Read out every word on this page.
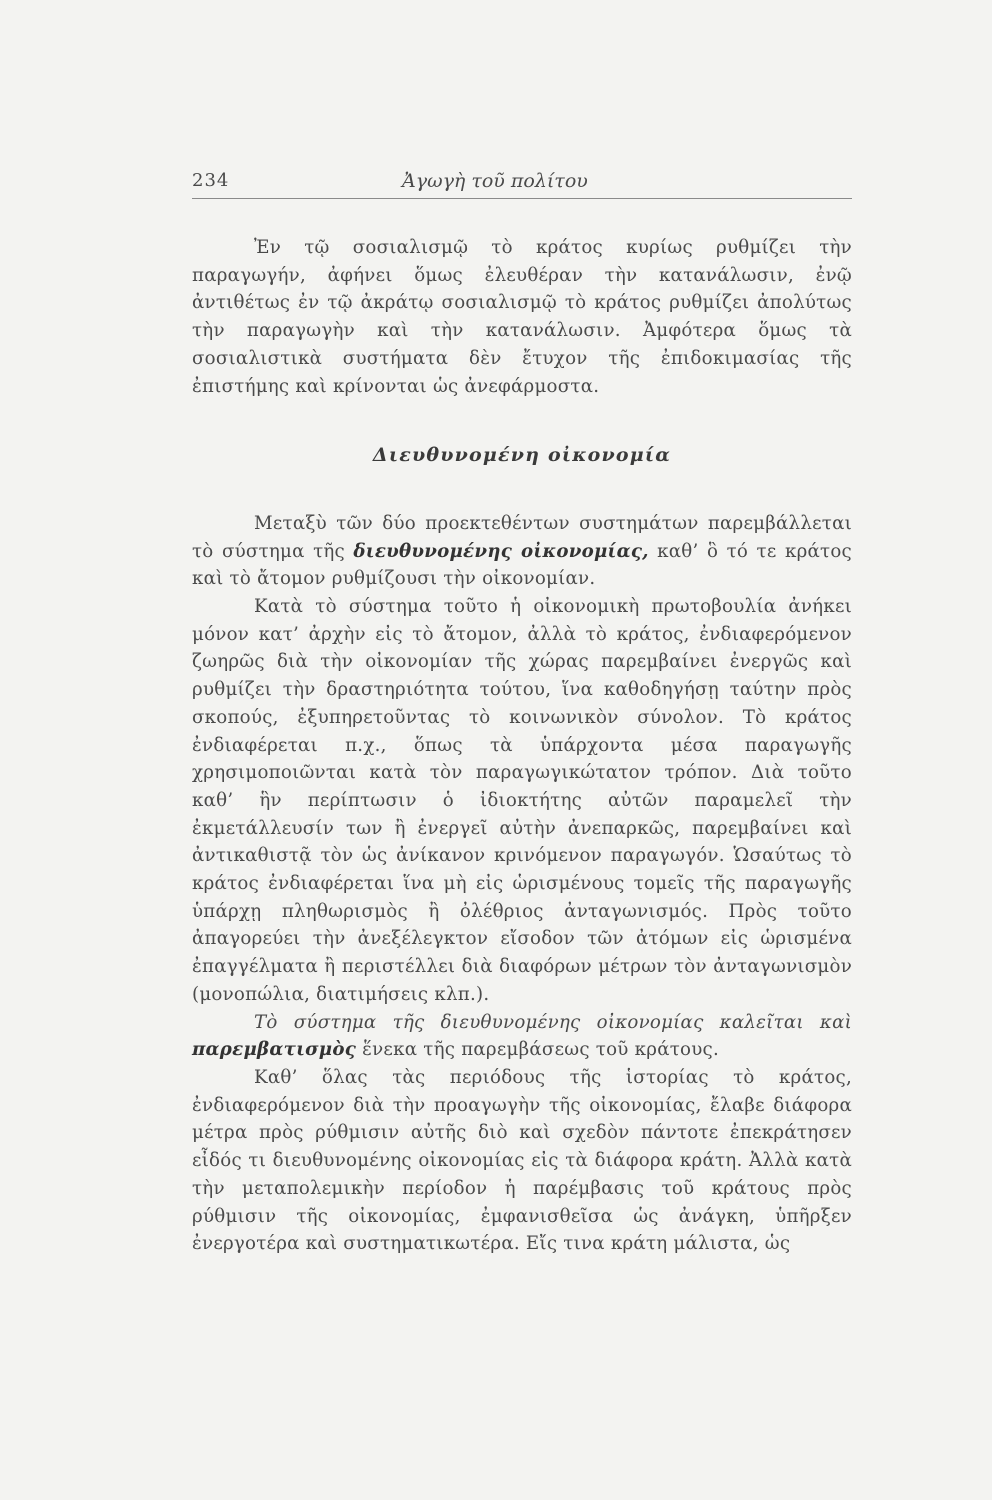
234	Ἀγωγὴ τοῦ πολίτου

Ἐν τῷ σοσιαλισμῷ τὸ κράτος κυρίως ρυθμίζει τὴν παραγωγήν, ἀφήνει ὅμως ἐλευθέραν τὴν κατανάλωσιν, ἐνῷ ἀντιθέτως ἐν τῷ ἀκράτῳ σοσιαλισμῷ τὸ κράτος ρυθμίζει ἀπολύτως τὴν παραγωγὴν καὶ τὴν κατανάλωσιν. Ἀμφότερα ὅμως τὰ σοσιαλιστικὰ συστήματα δὲν ἔτυχον τῆς ἐπιδοκιμασίας τῆς ἐπιστήμης καὶ κρίνονται ὡς ἀνεφάρμοστα.

Διευθυνομένη οἰκονομία

Μεταξὺ τῶν δύο προεκτεθέντων συστημάτων παρεμβάλλεται τὸ σύστημα τῆς διευθυνομένης οἰκονομίας, καθ’ ὃ τό τε κράτος καὶ τὸ ἄτομον ρυθμίζουσι τὴν οἰκονομίαν.

Κατὰ τὸ σύστημα τοῦτο ἡ οἰκονομικὴ πρωτοβουλία ἀνήκει μόνον κατ’ ἀρχὴν εἰς τὸ ἄτομον, ἀλλὰ τὸ κράτος, ἐνδιαφερόμενον ζωηρῶς διὰ τὴν οἰκονομίαν τῆς χώρας παρεμβαίνει ἐνεργῶς καὶ ρυθμίζει τὴν δραστηριότητα τούτου, ἵνα καθοδηγήσῃ ταύτην πρὸς σκοπούς, ἐξυπηρετοῦντας τὸ κοινωνικὸν σύνολον. Τὸ κράτος ἐνδιαφέρεται π.χ., ὅπως τὰ ὑπάρχοντα μέσα παραγωγῆς χρησιμοποιῶνται κατὰ τὸν παραγωγικώτατον τρόπον. Διὰ τοῦτο καθ’ ἣν περίπτωσιν ὁ ἰδιοκτήτης αὐτῶν παραμελεῖ τὴν ἐκμετάλλευσίν των ἢ ἐνεργεῖ αὐτὴν ἀνεπαρκῶς, παρεμβαίνει καὶ ἀντικαθιστᾷ τὸν ὡς ἀνίκανον κρινόμενον παραγωγόν. Ὡσαύτως τὸ κράτος ἐνδιαφέρεται ἵνα μὴ εἰς ὡρισμένους τομεῖς τῆς παραγωγῆς ὑπάρχῃ πληθωρισμὸς ἢ ὀλέθριος ἀνταγωνισμός. Πρὸς τοῦτο ἀπαγορεύει τὴν ἀνεξέλεγκτον εἴσοδον τῶν ἀτόμων εἰς ὡρισμένα ἐπαγγέλματα ἢ περιστέλλει διὰ διαφόρων μέτρων τὸν ἀνταγωνισμὸν (μονοπώλια, διατιμήσεις κλπ.).

Τὸ σύστημα τῆς διευθυνομένης οἰκονομίας καλεῖται καὶ παρεμβατισμὸς ἕνεκα τῆς παρεμβάσεως τοῦ κράτους.

Καθ’ ὅλας τὰς περιόδους τῆς ἱστορίας τὸ κράτος, ἐνδιαφερόμενον διὰ τὴν προαγωγὴν τῆς οἰκονομίας, ἔλαβε διάφορα μέτρα πρὸς ρύθμισιν αὐτῆς διὸ καὶ σχεδὸν πάντοτε ἐπεκράτησεν εἶδός τι διευθυνομένης οἰκονομίας εἰς τὰ διάφορα κράτη. Ἀλλὰ κατὰ τὴν μεταπολεμικὴν περίοδον ἡ παρέμβασις τοῦ κράτους πρὸς ρύθμισιν τῆς οἰκονομίας, ἐμφανισθεῖσα ὡς ἀνάγκη, ὑπῆρξεν ἐνεργοτέρα καὶ συστηματικωτέρα. Εἴς τινα κράτη μάλιστα, ὡς
